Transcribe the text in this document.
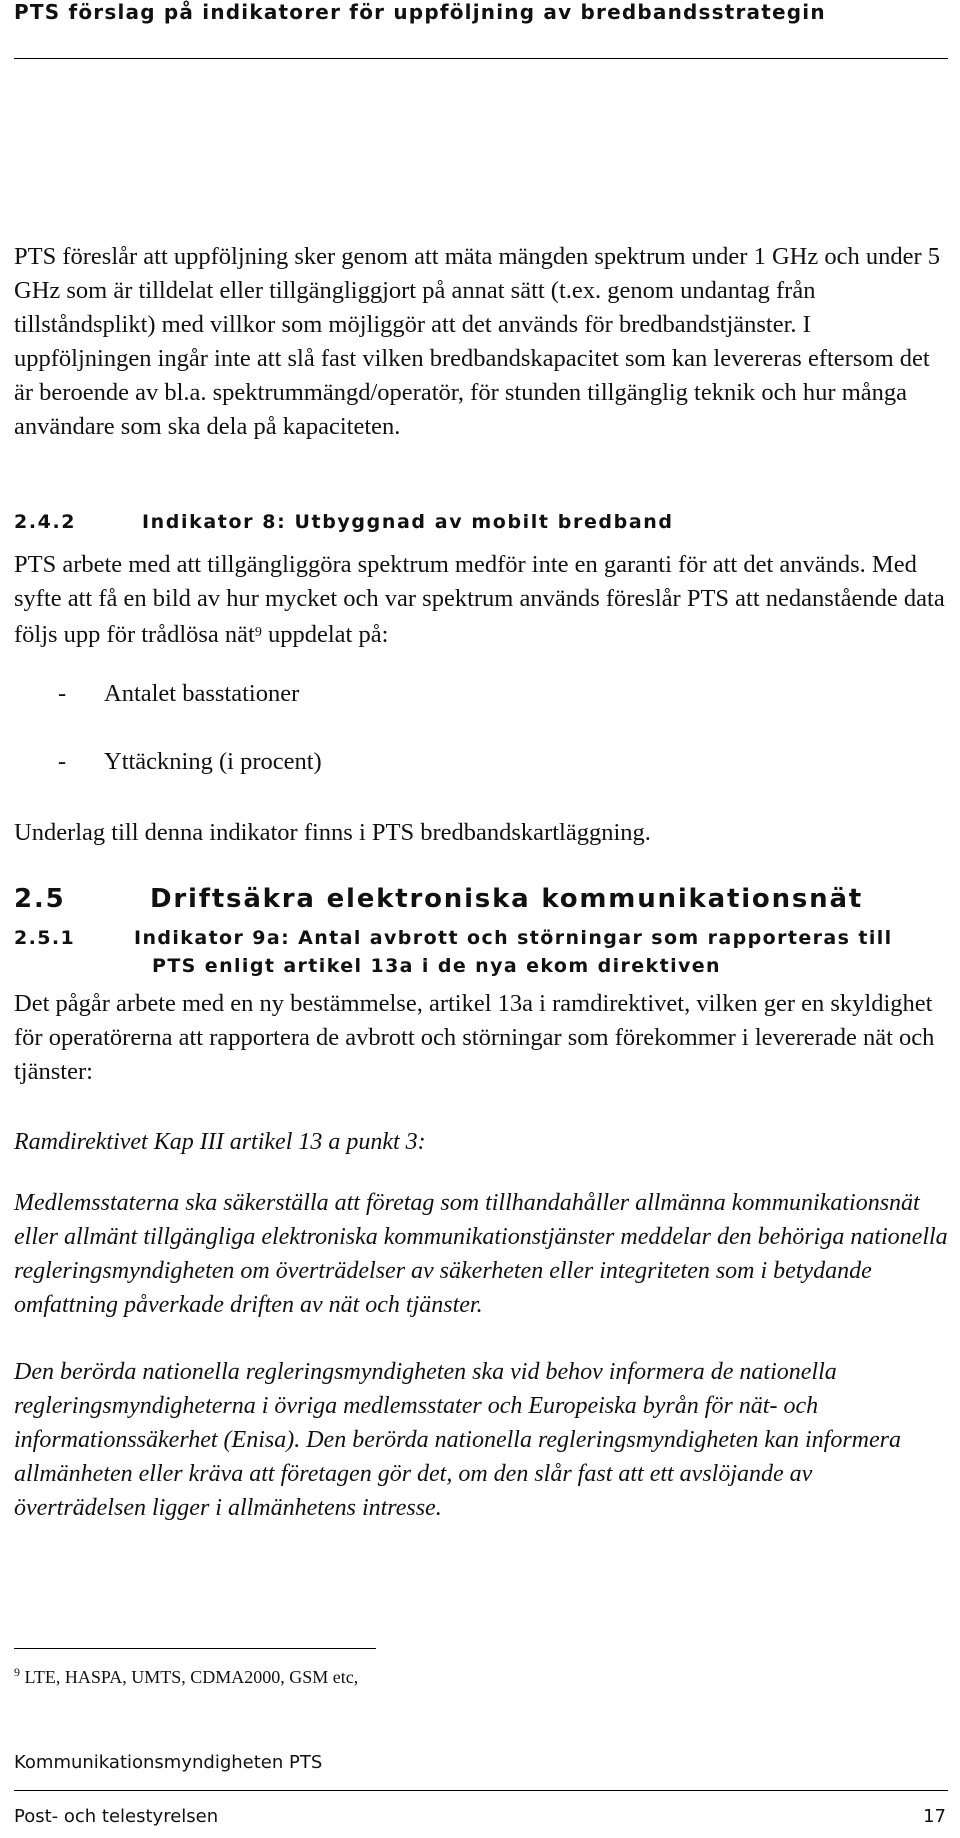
PTS förslag på indikatorer för uppföljning av bredbandsstrategin

PTS föreslår att uppföljning sker genom att mäta mängden spektrum under 1 GHz och under 5 GHz som är tilldelat eller tillgängliggjort på annat sätt (t.ex. genom undantag från tillståndsplikt) med villkor som möjliggör att det används för bredbandstjänster. I uppföljningen ingår inte att slå fast vilken bredbandskapacitet som kan levereras eftersom det är beroende av bl.a. spektrummängd/operatör, för stunden tillgänglig teknik och hur många användare som ska dela på kapaciteten.

2.4.2	Indikator 8: Utbyggnad av mobilt bredband

PTS arbete med att tillgängliggöra spektrum medför inte en garanti för att det används. Med syfte att få en bild av hur mycket och var spektrum används föreslår PTS att nedanstående data följs upp för trådlösa nät$^9$ uppdelat på:

- Antalet basstationer
- Yttäckning (i procent)

Underlag till denna indikator finns i PTS bredbandskartläggning.

2.5	Driftsäkra elektroniska kommunikationsnät
2.5.1	Indikator 9a: Antal avbrott och störningar som rapporteras till
PTS enligt artikel 13a i de nya ekom direktiven

Det pågår arbete med en ny bestämmelse, artikel 13a i ramdirektivet, vilken ger en skyldighet för operatörerna att rapportera de avbrott och störningar som förekommer i levererade nät och tjänster:

Ramdirektivet Kap III artikel 13 a punkt 3:

Medlemsstaterna ska säkerställa att företag som tillhandahåller allmänna kommunikationsnät eller allmänt tillgängliga elektroniska kommunikationstjänster meddelar den behöriga nationella regleringsmyndigheten om överträdelser av säkerheten eller integriteten som i betydande omfattning påverkade driften av nät och tjänster.

Den berörda nationella regleringsmyndigheten ska vid behov informera de nationella regleringsmyndigheterna i övriga medlemsstater och Europeiska byrån för nät- och informationssäkerhet (Enisa). Den berörda nationella regleringsmyndigheten kan informera allmänheten eller kräva att företagen gör det, om den slår fast att ett avslöjande av överträdelsen ligger i allmänhetens intresse.

$^9$ LTE, HASPA, UMTS, CDMA2000, GSM etc,
Kommunikationsmyndigheten PTS
Post- och telestyrelsen	17
